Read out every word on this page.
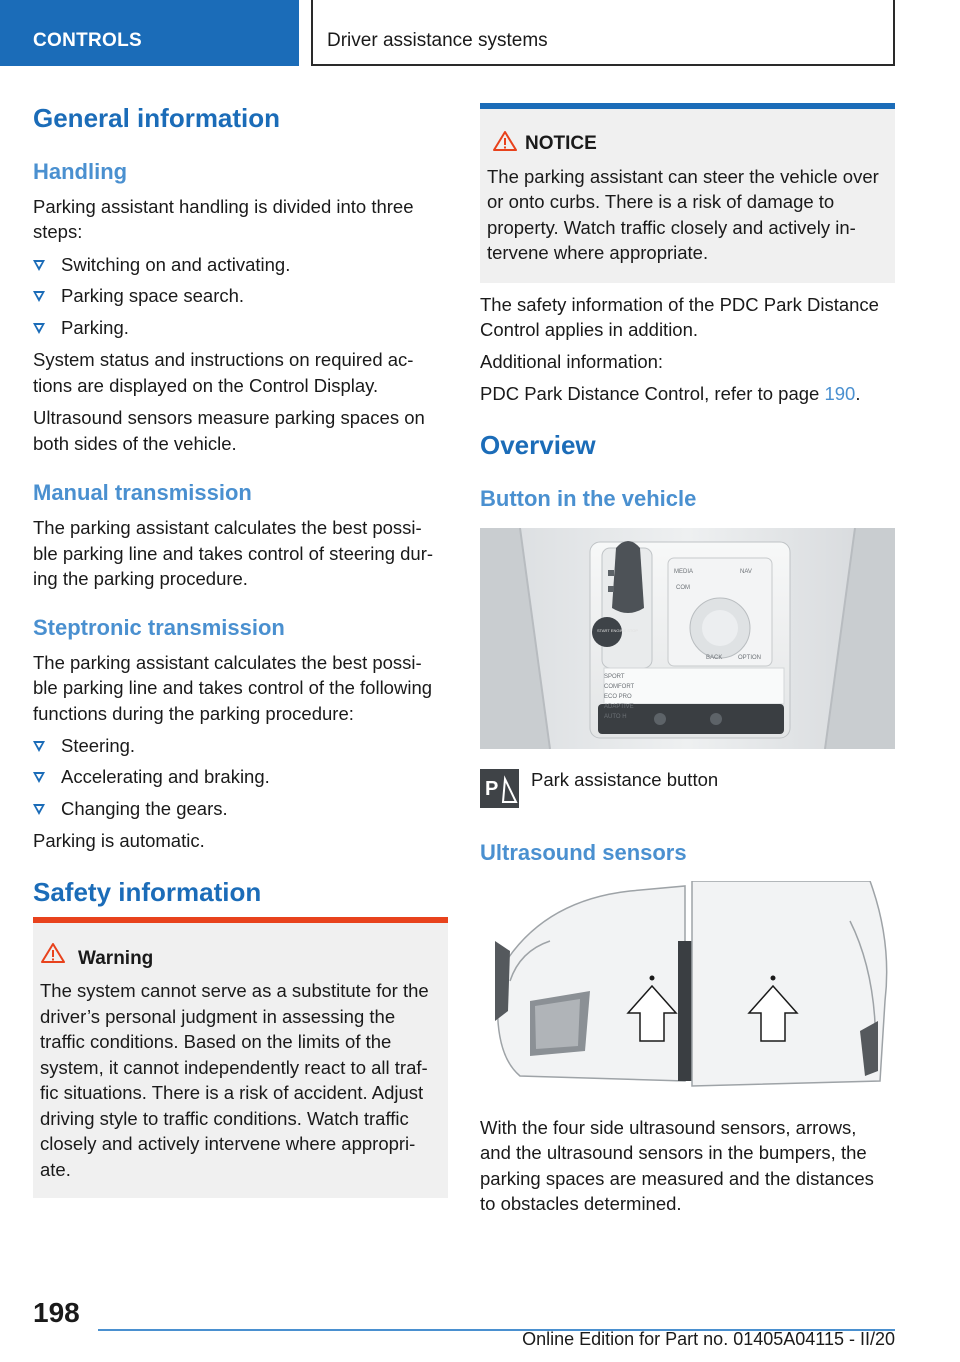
CONTROLS	Driver assistance systems
General information
Handling
Parking assistant handling is divided into three
steps:
Switching on and activating.
Parking space search.
Parking.
System status and instructions on required ac‐
tions are displayed on the Control Display.
Ultrasound sensors measure parking spaces on
both sides of the vehicle.
Manual transmission
The parking assistant calculates the best possi‐
ble parking line and takes control of steering dur‐
ing the parking procedure.
Steptronic transmission
The parking assistant calculates the best possi‐
ble parking line and takes control of the following
functions during the parking procedure:
Steering.
Accelerating and braking.
Changing the gears.
Parking is automatic.
Safety information
Warning
The system cannot serve as a substitute for the
driver’s personal judgment in assessing the
traffic conditions. Based on the limits of the
system, it cannot independently react to all traf‐
fic situations. There is a risk of accident. Adjust
driving style to traffic conditions. Watch traffic
closely and actively intervene where appropri‐
ate.
NOTICE
The parking assistant can steer the vehicle over
or onto curbs. There is a risk of damage to
property. Watch traffic closely and actively in‐
tervene where appropriate.
The safety information of the PDC Park Distance
Control applies in addition.
Additional information:
PDC Park Distance Control, refer to page 190.
Overview
Button in the vehicle
MEDIA
COM
NAV
BACK	OPTION
SPORT
COMFORT
ECO PRO
ADAPTIVE
AUTO H
START ENGINE STOP
P Park assistance button
Ultrasound sensors
With the four side ultrasound sensors, arrows,
and the ultrasound sensors in the bumpers, the
parking spaces are measured and the distances
to obstacles determined.
198
Online Edition for Part no. 01405A04115 - II/20
